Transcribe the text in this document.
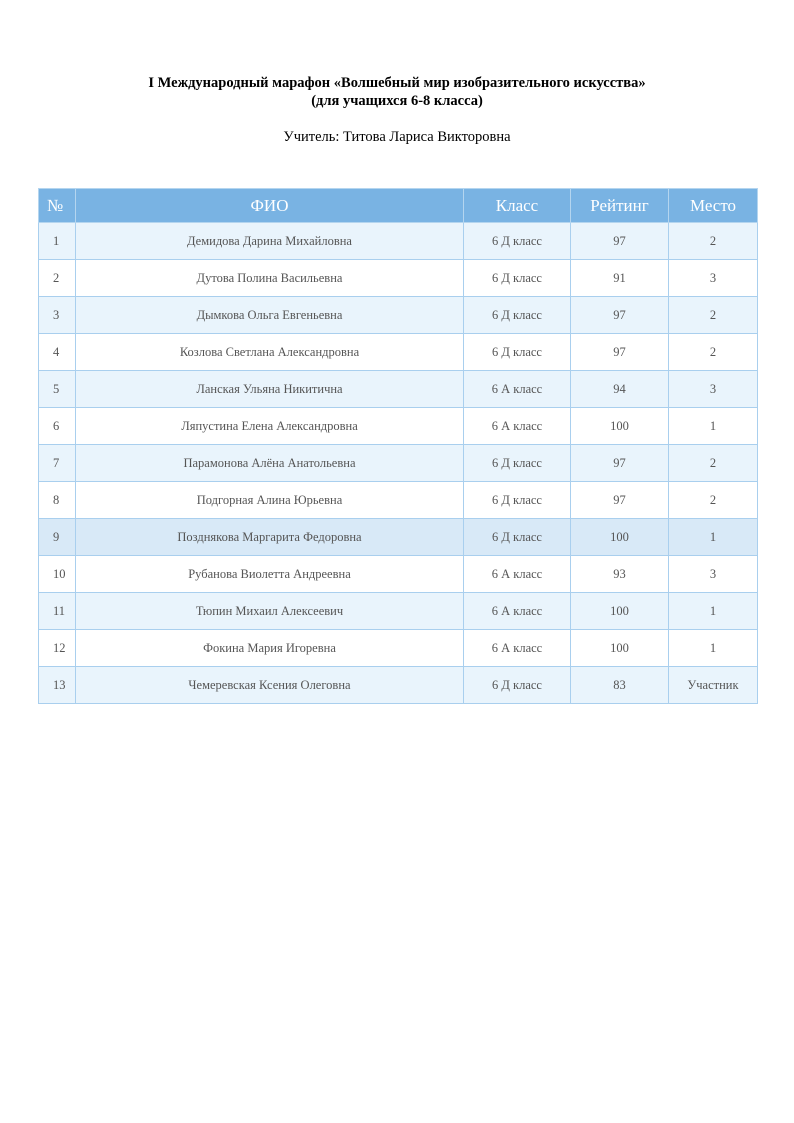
I Международный марафон «Волшебный мир изобразительного искусства»
(для учащихся 6-8 класса)
Учитель: Титова Лариса Викторовна
№	ФИО	Класс	Рейтинг	Место
1	Демидова Дарина Михайловна	6 Д класс	97	2
2	Дутова Полина Васильевна	6 Д класс	91	3
3	Дымкова Ольга Евгеньевна	6 Д класс	97	2
4	Козлова Светлана Александровна	6 Д класс	97	2
5	Ланская Ульяна Никитична	6 А класс	94	3
6	Ляпустина Елена Александровна	6 А класс	100	1
7	Парамонова Алёна Анатольевна	6 Д класс	97	2
8	Подгорная Алина Юрьевна	6 Д класс	97	2
9	Позднякова Маргарита Федоровна	6 Д класс	100	1
10	Рубанова Виолетта Андреевна	6 А класс	93	3
11	Тюпин Михаил Алексеевич	6 А класс	100	1
12	Фокина Мария Игоревна	6 А класс	100	1
13	Чемеревская Ксения Олеговна	6 Д класс	83	Участник
